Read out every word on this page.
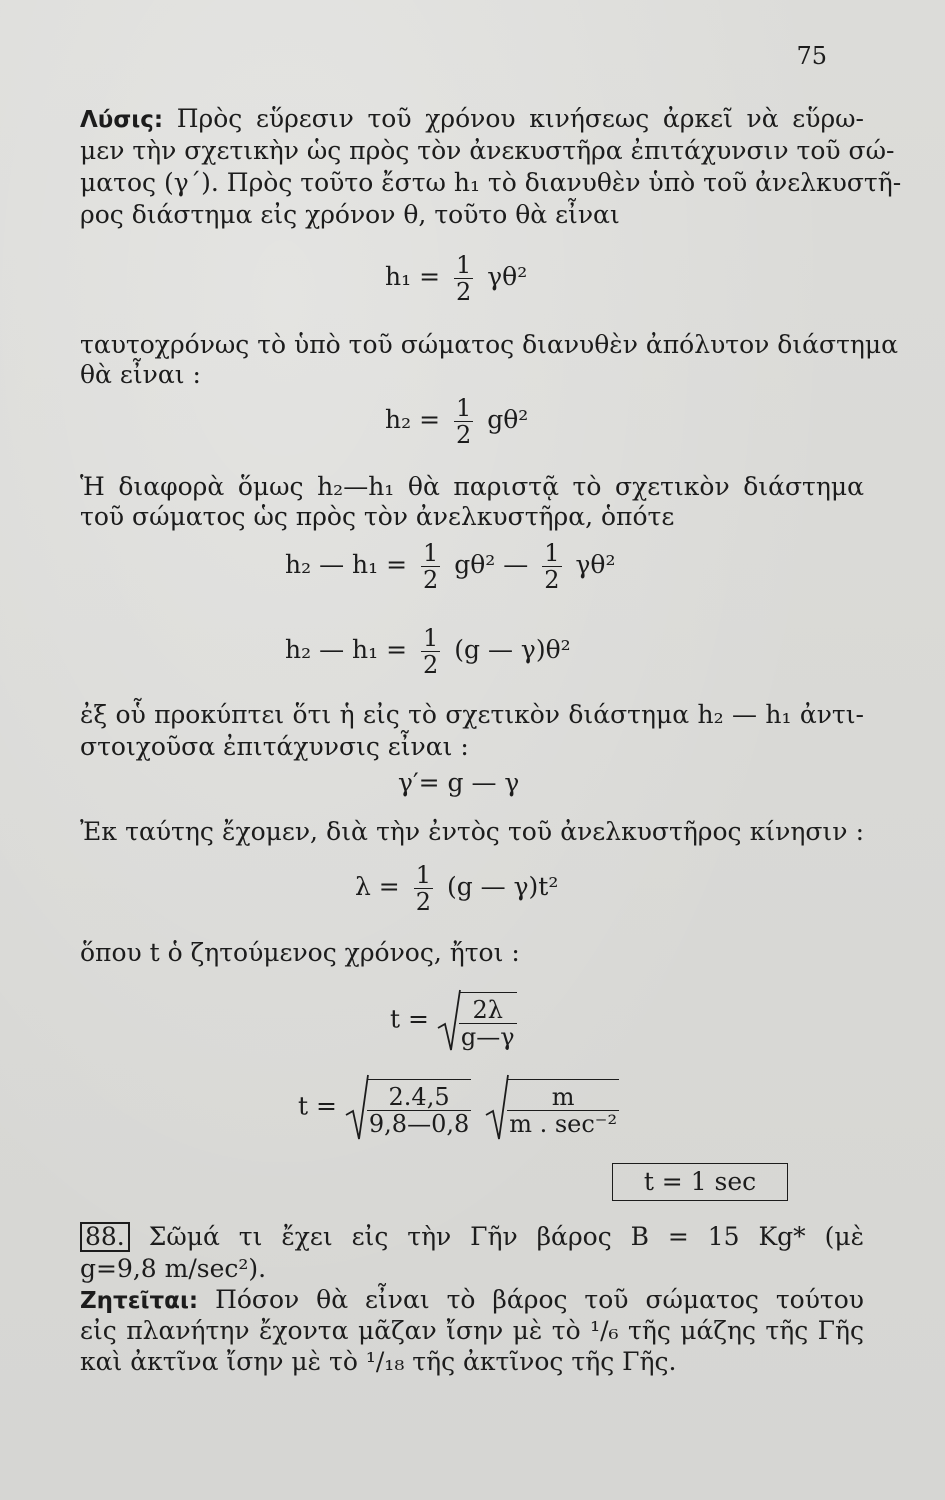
75
Λύσις: Πρὸς εὕρεσιν τοῦ χρόνου κινήσεως ἀρκεῖ νὰ εὕρω-
μεν τὴν σχετικὴν ὡς πρὸς τὸν ἀνεκυστῆρα ἐπιτάχυνσιν τοῦ σώ-
ματος (γ΄). Πρὸς τοῦτο ἔστω h₁ τὸ διανυθὲν ὑπὸ τοῦ ἀνελκυστῆ-
ρος διάστημα εἰς χρόνον θ, τοῦτο θὰ εἶναι
$h_1 = \frac{1}{2} \gamma\theta^2$
ταυτοχρόνως τὸ ὑπὸ τοῦ σώματος διανυθὲν ἀπόλυτον διάστημα
θὰ εἶναι :
$h_2 = \frac{1}{2} g\theta^2$
Ἡ διαφορὰ ὅμως h₂—h₁ θὰ παριστᾷ τὸ σχετικὸν διάστημα
τοῦ σώματος ὡς πρὸς τὸν ἀνελκυστῆρα, ὁπότε
h₂ — $h_1 = \frac{1}{2} g\theta^2$ — $\frac{1}{2} \gamma\theta^2$
h₂ — $h_1 = \frac{1}{2} (g$ — γ)θ²
ἐξ οὗ προκύπτει ὅτι ἡ εἰς τὸ σχετικὸν διάστημα h₂ — h₁ ἀντι-
στοιχοῦσα ἐπιτάχυνσις εἶναι :
γ′= g — γ
Ἐκ ταύτης ἔχομεν, διὰ τὴν ἐντὸς τοῦ ἀνελκυστῆρος κίνησιν :
$\lambda = \frac{1}{2} (g$ — γ)t²
ὅπου t ὁ ζητούμενος χρόνος, ἤτοι :
$t = \frac{2\lambda}{g—\gamma}$
$t = \frac{2.4,5}{9,8—0,8}$
$\frac{m}{\text{m . sec⁻²}}$
t = 1 sec
88. Σῶμά τι ἔχει εἰς τὴν Γῆν βάρος Β = 15 Kg* (μὲ
g=9,8 m/sec²).
Ζητεῖται: Πόσον θὰ εἶναι τὸ βάρος τοῦ σώματος τούτου
εἰς πλανήτην ἔχοντα μᾶζαν ἴσην μὲ τὸ ¹/₆ τῆς μάζης τῆς Γῆς
καὶ ἀκτῖνα ἴσην μὲ τὸ ¹/₁₈ τῆς ἀκτῖνος τῆς Γῆς.
